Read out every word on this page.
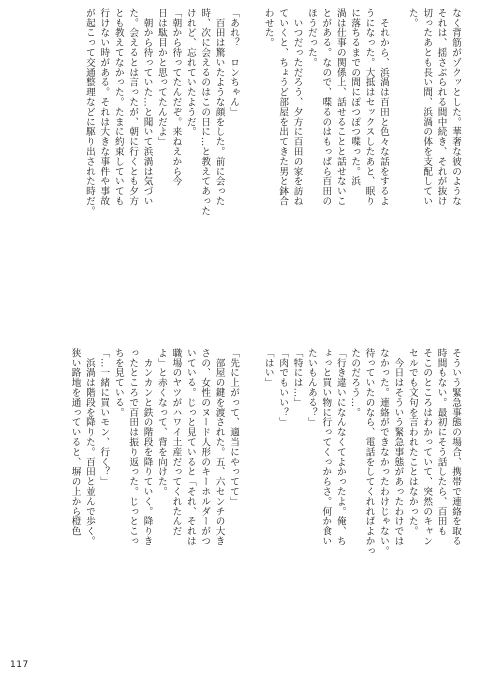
なく背筋がゾクッとした。華奢な彼のような
それは、揺さぶられる間中続き、それが抜け
切ったあとも長い間、浜渦の体を支配してい
た。

　それから、浜渦は百田と色々な話をするよ
うになった。大抵はセックスしたあと、眠り
に落ちるまでの間にぽつぽつ喋った。浜
渦は仕事の関係上、話せることと話せないこ
とがある。なので、喋るのはもっぱら百田の
ほうだった。
　いつだっただろう、夕方に百田の家を訪ね
ていくと、ちょうど部屋を出てきた男と鉢合
わせた。
「あれ？　ロンちゃん」
　百田は驚いたような顔をした。前に会った
時、次に会えるのはこの日に…と教えてあった
けれど、忘れていたようだ。
「朝から待ってたんだぞ。来ねえから今
日は駄目かと思ってたんだよ」
　朝から待っていた…と聞いて浜渦は気づい
た。会えるとは言ったが、朝に行くとも夕方
とも教えてなかった。たまに約束していても
行けない時がある。それは大きな事件や事故
が起こって交通整理などに駆り出された時だ。
そういう緊急事態の場合、携帯で連絡を取る
時間もない。最初にそう話したら、百田も
そこのところはわかっていて、突然のキャン
セルでも文句を言われたことはなかった。
　今日はそういう緊急事態があったわけでは
なかった。連絡ができなかったわけじゃない。
待っていたのなら、電話をしてくれればよかっ
たのだろう…。
「行き違いになんなくてよかったよ。俺、ち
ょっと買い物に行ってくっからさ。何か食い
たいもんある？」
「特には…」
「肉でもいい？」
「はい」
「先に上がって、適当にやってて」
　部屋の鍵を渡された。五、六センチの大き
さの、女性のヌード人形のキーホルダーがつ
いている。じっと見ていると「それ、それは
職場のヤツがハワイ土産だってくれたんだ
よ」と赤くなって、背を向けた。
　カンカンと鉄の階段を降りていく。降りき
ったところで百田は振り返った。じっとこっ
ちを見ている。
「…一緒に買いモン、行く？」
　浜渦は階段を降りた。百田と並んで歩く。
狭い路地を通っていると、塀の上から橙色
117
